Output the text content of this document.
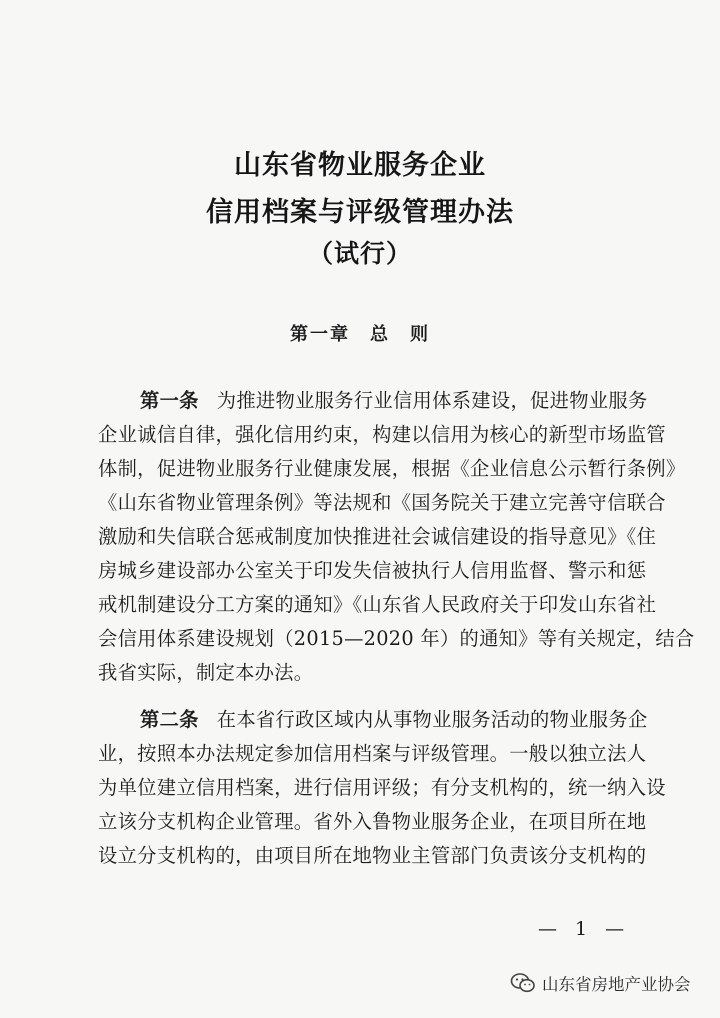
山东省物业服务企业
信用档案与评级管理办法
（试行）
第一章 总　则
第一条 为推进物业服务行业信用体系建设，促进物业服务
企业诚信自律，强化信用约束，构建以信用为核心的新型市场监管
体制，促进物业服务行业健康发展，根据《企业信息公示暂行条例》
《山东省物业管理条例》等法规和《国务院关于建立完善守信联合
激励和失信联合惩戒制度加快推进社会诚信建设的指导意见》《住
房城乡建设部办公室关于印发失信被执行人信用监督、警示和惩
戒机制建设分工方案的通知》《山东省人民政府关于印发山东省社
会信用体系建设规划（2015—2020 年）的通知》等有关规定，结合
我省实际，制定本办法。
第二条 在本省行政区域内从事物业服务活动的物业服务企
业，按照本办法规定参加信用档案与评级管理。一般以独立法人
为单位建立信用档案，进行信用评级；有分支机构的，统一纳入设
立该分支机构企业管理。省外入鲁物业服务企业，在项目所在地
设立分支机构的，由项目所在地物业主管部门负责该分支机构的
— 1 —
山东省房地产业协会
